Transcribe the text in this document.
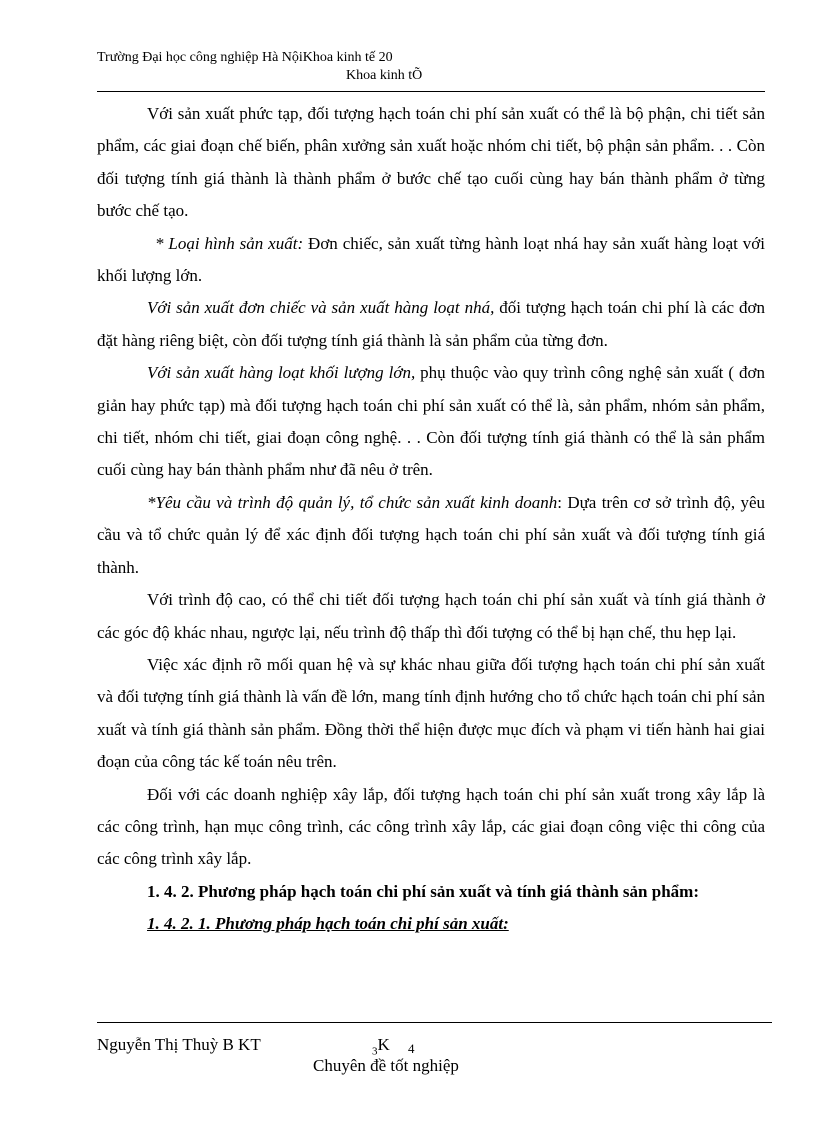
Trường Đại học công nghiệp Hà NộiKhoa kinh tế 20
Khoa kinh tÕ

Với sản xuất phức tạp, đối tượng hạch toán chi phí sản xuất có thể là bộ phận, chi tiết sản phẩm, các giai đoạn chế biến, phân xưởng sản xuất hoặc nhóm chi tiết, bộ phận sản phẩm. . . Còn đối tượng tính giá thành là thành phẩm ở bước chế tạo cuối cùng hay bán thành phẩm ở từng bước chế tạo.

* Loại hình sản xuất: Đơn chiếc, sản xuất từng hành loạt nhá hay sản xuất hàng loạt với khối lượng lớn.

Với sản xuất đơn chiếc và sản xuất hàng loạt nhá, đối tượng hạch toán chi phí là các đơn đặt hàng riêng biệt, còn đối tượng tính giá thành là sản phẩm của từng đơn.

Với sản xuất hàng loạt khối lượng lớn, phụ thuộc vào quy trình công nghệ sản xuất ( đơn giản hay phức tạp) mà đối tượng hạch toán chi phí sản xuất có thể là, sản phẩm, nhóm sản phẩm, chi tiết, nhóm chi tiết, giai đoạn công nghệ. . . Còn đối tượng tính giá thành có thể là sản phẩm cuối cùng hay bán thành phẩm như đã nêu ở trên.

*Yêu cầu và trình độ quản lý, tổ chức sản xuất kinh doanh: Dựa trên cơ sở trình độ, yêu cầu và tổ chức quản lý để xác định đối tượng hạch toán chi phí sản xuất và đối tượng tính giá thành.

Với trình độ cao, có thể chi tiết đối tượng hạch toán chi phí sản xuất và tính giá thành ở các góc độ khác nhau, ngược lại, nếu trình độ thấp thì đối tượng có thể bị hạn chế, thu hẹp lại.

Việc xác định rõ mối quan hệ và sự khác nhau giữa đối tượng hạch toán chi phí sản xuất và đối tượng tính giá thành là vấn đề lớn, mang tính định hướng cho tổ chức hạch toán chi phí sản xuất và tính giá thành sản phẩm. Đồng thời thể hiện được mục đích và phạm vi tiến hành hai giai đoạn của công tác kế toán nêu trên.

Đối với các doanh nghiệp xây lắp, đối tượng hạch toán chi phí sản xuất trong xây lắp là các công trình, hạn mục công trình, các công trình xây lắp, các giai đoạn công việc thi công của các công trình xây lắp.

1. 4. 2. Phương pháp hạch toán chi phí sản xuất và tính giá thành sản phẩm:

1. 4. 2. 1. Phương pháp hạch toán chi phí sản xuất:

Nguyễn Thị Thuỳ B KT	$_3$K 4
Chuyên đề tốt nghiệp
